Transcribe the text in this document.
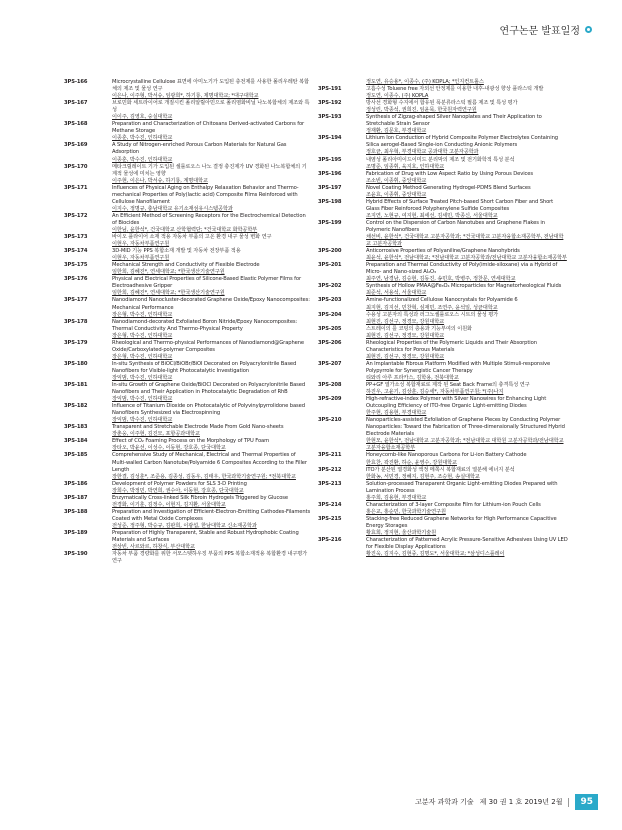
연구논문 발표일정
3PS-166	Microcrystalline Cellulose 표면에 아미노기가 도입된 층전제를 사용한 폴리우레탄 복합체의 제조 및 물성 연구
이은나, 이주형, 박서슈, 임광희*, 하기룡, 제명대학교; *대구대학교
3PS-167	브로민화 세트라이어로 개질시킨 폴리알릴아민으로 폴리염화비닐 나노복합체의 제조와 특성
이이주, 김영호, 숭실대학교
3PS-168	Preparation and Characterization of Chitosans Derived-activated Carbons for Methane Storage
이종훈, 박수진, 인하대학교
3PS-169	A Study of Nitrogen-enriched Porous Carbon Materials for Natural Gas Adsorption
이종훈, 박수진, 인하대학교
3PS-170	메타크릴레이트 기가 도입된 셀룰로오스 나노 결정 충진제가 UV 경화된 나노복합체의 기계적 물성에 미치는 영향
이주현, 이은나, 박서슈, 하기룡, 계명대학교
3PS-171	Influences of Physical Aging on Enthalpy Relaxation Behavior and Thermo-mechanical Properties of Poly(lactic acid) Composite Films Reinforced with Cellulose Nanofilament
이지수, 정명규, 충남대학교 유기소재섬유시스템공학과
3PS-172	An Efficient Method of Screening Receptors for the Electrochemical Detection of Biocides
이한님, 윤한석*, 건국대학교 산학협력단; *건국대학교 화학공학부
3PS-173	바이오 플라이어 소재 적용 자동차 부품의 고온 환경 내구 물성 변화 연구
이현우, 자동차부품연구원
3PS-174	3D-MID 기능 PPS 복합소재 개발 및 자동차 전장부품 적용
이현우, 자동차부품연구원
3PS-175	Mechanical Strength and Conductivity of Flexible Electrode
임한희, 김혜진*, 연세대학교; *한국생산기술연구원
3PS-176	Physical and Electrical Properties of Silicone-Based Elastic Polymer Films for Electroadhesive Gripper
임한희, 김혜진*, 연세대학교; *한국생산기술연구원
3PS-177	Nanodiamond Nanocluster-decorated Graphene Oxide/Epoxy Nanocomposites: Mechanical Performance
장은형, 박수진, 인하대학교
3PS-178	Nanodiamond-decorated Exfoliated Boron Nitride/Epoxy Nanocomposites: Thermal Conductivity And Thermo-Physical Property
장은형, 박수진, 인하대학교
3PS-179	Rheological and Thermo-physical Performances of Nanodiamond@Graphene Oxide/Carboxylated-polymer Composites
장은형, 박수진, 인하대학교
3PS-180	In-situ Synthesis of BiOCl/BiOBr/BiOI Decorated on Polyacrylonitrile Based Nanofibers for Visible-light Photocatalytic Investigation
장익범, 박수진, 인하대학교
3PS-181	In-situ Growth of Graphene Oxide/BiOCl Decorated on Polyacrylonitrile Based Nanofibers and Their Application in Photocatalytic Degradation of RhB
장익범, 박수진, 인하대학교
3PS-182	Influence of Titanium Dioxide on Photocatalytic of Polyvinylpyrrolidone based Nanofibers Synthesized via Electrospinning
장익범, 박수진, 인하대학교
3PS-183	Transparent and Stretchable Electrode Made From Gold Nano-sheets
장춘웅, 이주현, 김진모, 포항공과대학교
3PS-184	Effect of CO₂ Foaming Process on the Morphology of TPU Foam
장타오, 박윤선, 이성수, 이동현, 강호종, 단국대학교
3PS-185	Comprehensive Study of Mechanical, Electrical and Thermal Properties of Multi-walled Carbon Nanotube/Polyamide 6 Composites According to the Filler Length
장한결, 김성훈*, 조준용, 김종성, 김동우, 김태우, 한국과학기술연구원; *전북대학교
3PS-186	Development of Polymer Powders for SLS 3-D Printing
장희수, 박정민, 박연희, 권수아, 이동현, 강호종, 단국대학교
3PS-187	Enzymatically Cross-linked Silk Fibroin Hydrogels Triggered by Glucose
전경화, 이기훈, 김정수, 이현지, 김지환, 서울대학교
3PS-188	Preparation and Investigation of Efficient-Electron-Emitting Cathodes-Filaments Coated with Metal Oxide Complexes
전성준, 정주형, 박승규, 김판희, 이광섭, 한남대학교 신소재공학과
3PS-189	Preparation of Highly Transparent, Stable and Robust Hydrophobic Coating Materials and Surfaces
전상빈, 사르와르, 하창식, 부산대학교
3PS-190	자동차 부품 경량화를 위한 서모스텟하우징 부품의 PPS 복합소재적용 복합환경 내구평가 연구
정도연, 유승용*, 이종수, (주) KOPLA; *인지컨트롤스
3PS-191	고흡수성 Toluene free 자외선 안정제를 이용한 내후-내광성 향상 플라스틱 개발
정도연, 이종수, (주) KOPLA
3PS-192	방사선 경화형 수지에서 합유된 폭분류라스틱 필름 제조 및 특성 평가
정성린, 박종석, 권희진, 임윤묵, 한국원자력연구원
3PS-193	Synthesis of Zigzag-shaped Silver Nanoplates and Their Application to Stretchable Strain Sensor
정재환, 김문호, 부경대학교
3PS-194	Lithium Ion Conduction of Hybrid Composite Polymer Electrolytes Containing Silica aerogel-Based Single-ion Conducting Anionic Polymers
정호균, 최우혁, 부경대학교 공과대학 고분자공학과
3PS-195	내염성 폴리아미이드이미드 분리막의 제조 및 전기화학적 특성 분석
조명준, 임종휘, 육지호, 인하대학교
3PS-196	Fabrication of Drug with Low Aspect Ratio by Using Porous Devices
조소빈, 이종휘, 중앙대학교
3PS-197	Novel Coating Method Generating Hydrogel-PDMS Blend Surfaces
조윤효, 이종휘, 중앙대학교
3PS-198	Hybrid Effects of Surface Treated Pitch-based Short Carbon Fiber and Short Glass Fiber Reinforced Polyphenylene Sulfide Composites
조지연, 노현규, 여지현, 최세선, 김세민, 박종신, 서울대학교
3PS-199	Control on the Dispersion of Carbon Nanotubes and Graphene Flakes in Polymeric Nanofibers
채선비, 윤한석*, 건국대학교 고분자공학과; *건국대학교 고분자융합소재공학부, 전남대학교 고분자공학과
3PS-200	Anticorrosive Properties of Polyaniline/Graphene Nanohybrids
최윤석, 윤한석*, 전남대학교; *전남대학교 고분자공학과/전남대학교 고분자융합소재공학부
3PS-201	Preparation and Thermal Conductivity of Poly(imide-siloxane) via a Hybrid of Micro- and Nano-sized Al₂O₃
최주연, 남경남, 김승현, 김동진, 송민호, 박병주, 정찬문, 연세대학교
3PS-202	Synthesis of Hollow PMAA@Fe₃O₄ Microparticles for Magnetorheological Fluids
최준석, 서용석, 서울대학교
3PS-203	Amine-functionalized Cellulose Nanocrystals for Polyamide 6
최지현, 김지선, 민찬혁, 심재민, 조연주, 윤석일, 성균대학교
3PS-204	수용성 고분자의 특성과 러그노셀룰로오스 시트의 물성 평가
최현진, 김선구, 정경모, 강원대학교
3PS-205	스트레이의 를 코팅의 층용과 기능부여의 이원화
최현진, 김선구, 정경모, 강원대학교
3PS-206	Rheological Properties of the Polymeric Liquids and Their Absorption Characteristics for Porous Materials
최현진, 김선구, 정경모, 강원대학교
3PS-207	An Implantable Fibrous Platform Modified with Multiple Stimuli-responsive Polypyrrole for Synergistic Cancer Therapy
티와리 아루 프라카스, 김학용, 전북대학교
3PS-208	PP+GF 열가소성 복합재료로 제작 된 Seat Back Frame의 충격특성 연구
하진우, 고윤기, 김상훈, 김승세*, 자동차부품연구원; *(주)나지
3PS-209	High-refractive-index Polymer with Silver Nanowires for Enhancing Light Outcoupling Efficiency of ITO-free Organic Light-emitting Diodes
한주현, 김용현, 부경대학교
3PS-210	Nanoparticles-assisted Exfoliation of Graphene Pieces by Conducting Polymer Nanoparticles: Toward the Fabrication of Three-dimensionally Structured Hybrid Electrode Materials
한현모, 윤한석*, 전남대학교 고분자공학과; *전남대학교 대학원 고분자공학과/전남대학교 고분자융합소재공학부
3PS-211	Honeycomb-like Nanoporous Carbons for Li-ion Battery Cathode
한효찬, 곽진환, 하순, 윤영수, 강원대학교
3PS-212	ITO가 분산된 열경화성 액정 메쪽시 복합재료의 열분해 에너지 분석
한화농, 서민경, 정혜지, 김현주, 조승현, 송실대학교
3PS-213	Solution-processed Transparent Organic Light-emitting Diodes Prepared with Lamination Process
홍주희, 김용현, 부경대학교
3PS-214	Characterization of 3-layer Composite Film for Lithium-ion Pouch Cells
홍은교, 홍순민, 한국과학기술연구원
3PS-215	Stacking-free Reduced Graphene Networks for High Performance Capacitive Energy Storages
황효희, 정지현, 울산과학기술원
3PS-216	Characterization of Patterned Acrylic Pressure-Sensitive Adhesives Using UV LED for Flexible Display Applications
황진욱, 김지수, 김현중, 김명도*, 서울대학교; *삼성디스플레이
고분자 과학과 기술 제 30 권 1 호 2019년 2월	95
